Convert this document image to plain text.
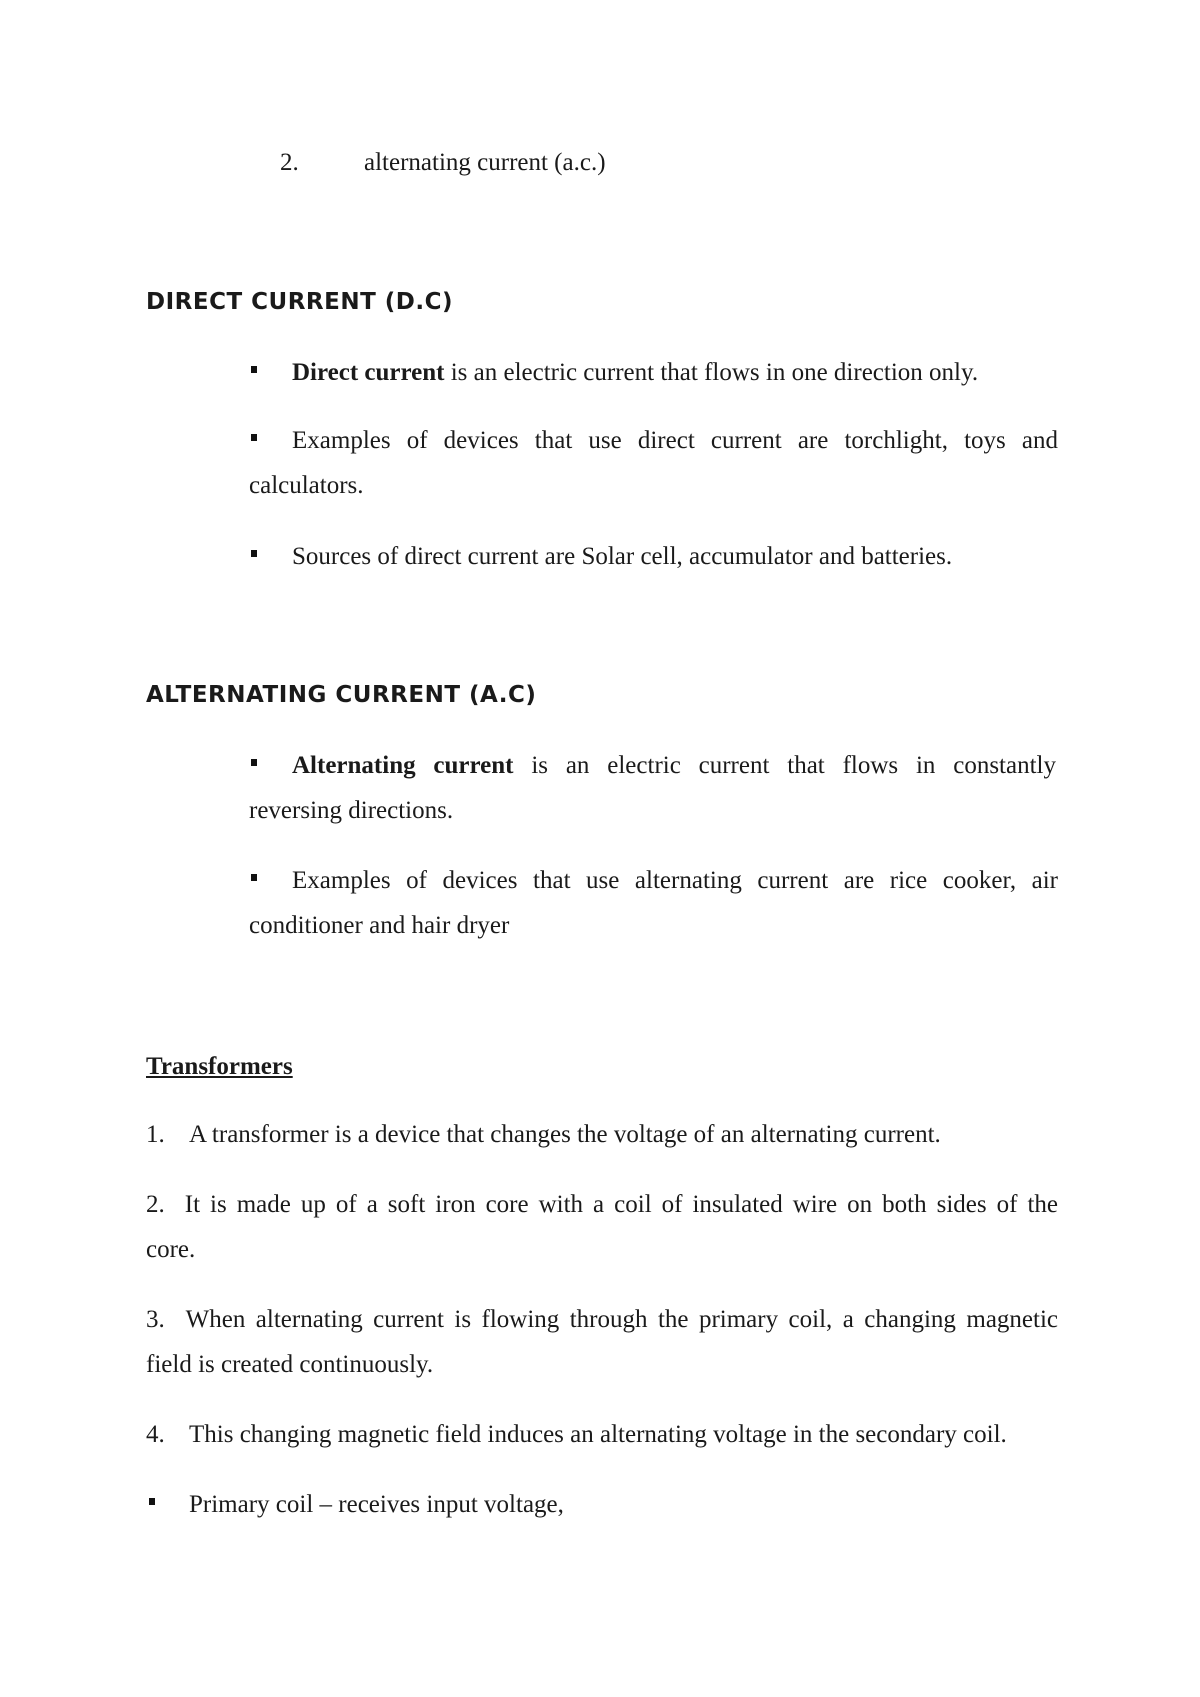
2.	alternating current (a.c.)
DIRECT CURRENT (D.C)
Direct current is an electric current that flows in one direction only.
Examples of devices that use direct current are torchlight, toys and
calculators.
Sources of direct current are Solar cell, accumulator and batteries.
ALTERNATING CURRENT (A.C)
Alternating current is an electric current that flows in constantly
reversing directions.
Examples of devices that use alternating current are rice cooker, air
conditioner and hair dryer
Transformers
1. A transformer is a device that changes the voltage of an alternating current.
2. It is made up of a soft iron core with a coil of insulated wire on both sides of the
core.
3. When alternating current is flowing through the primary coil, a changing magnetic
field is created continuously.
4. This changing magnetic field induces an alternating voltage in the secondary coil.
Primary coil – receives input voltage,
